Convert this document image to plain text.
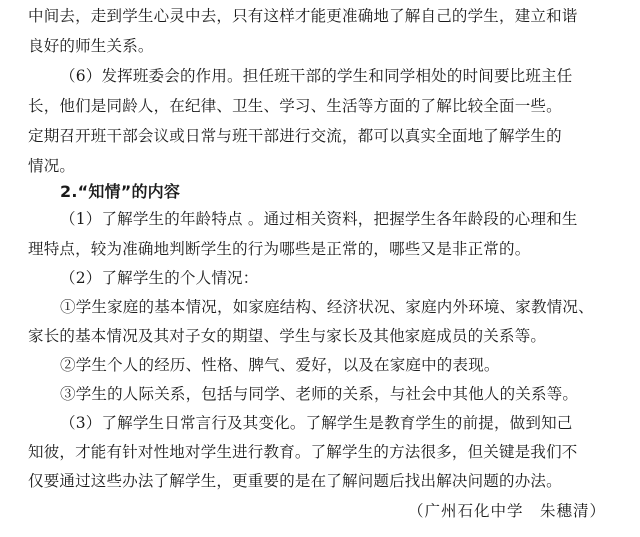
中间去，走到学生心灵中去，只有这样才能更准确地了解自己的学生，建立和谐
良好的师生关系。
（6）发挥班委会的作用。担任班干部的学生和同学相处的时间要比班主任
长，他们是同龄人，在纪律、卫生、学习、生活等方面的了解比较全面一些。
定期召开班干部会议或日常与班干部进行交流，都可以真实全面地了解学生的
情况。
2.“知情”的内容
（1）了解学生的年龄特点 。通过相关资料，把握学生各年龄段的心理和生
理特点，较为准确地判断学生的行为哪些是正常的，哪些又是非正常的。
（2）了解学生的个人情况：
①学生家庭的基本情况，如家庭结构、经济状况、家庭内外环境、家教情况、
家长的基本情况及其对子女的期望、学生与家长及其他家庭成员的关系等。
②学生个人的经历、性格、脾气、爱好，以及在家庭中的表现。
③学生的人际关系，包括与同学、老师的关系，与社会中其他人的关系等。
（3）了解学生日常言行及其变化。了解学生是教育学生的前提，做到知己
知彼，才能有针对性地对学生进行教育。了解学生的方法很多，但关键是我们不
仅要通过这些办法了解学生，更重要的是在了解问题后找出解决问题的办法。
（广州石化中学　朱穗清）
